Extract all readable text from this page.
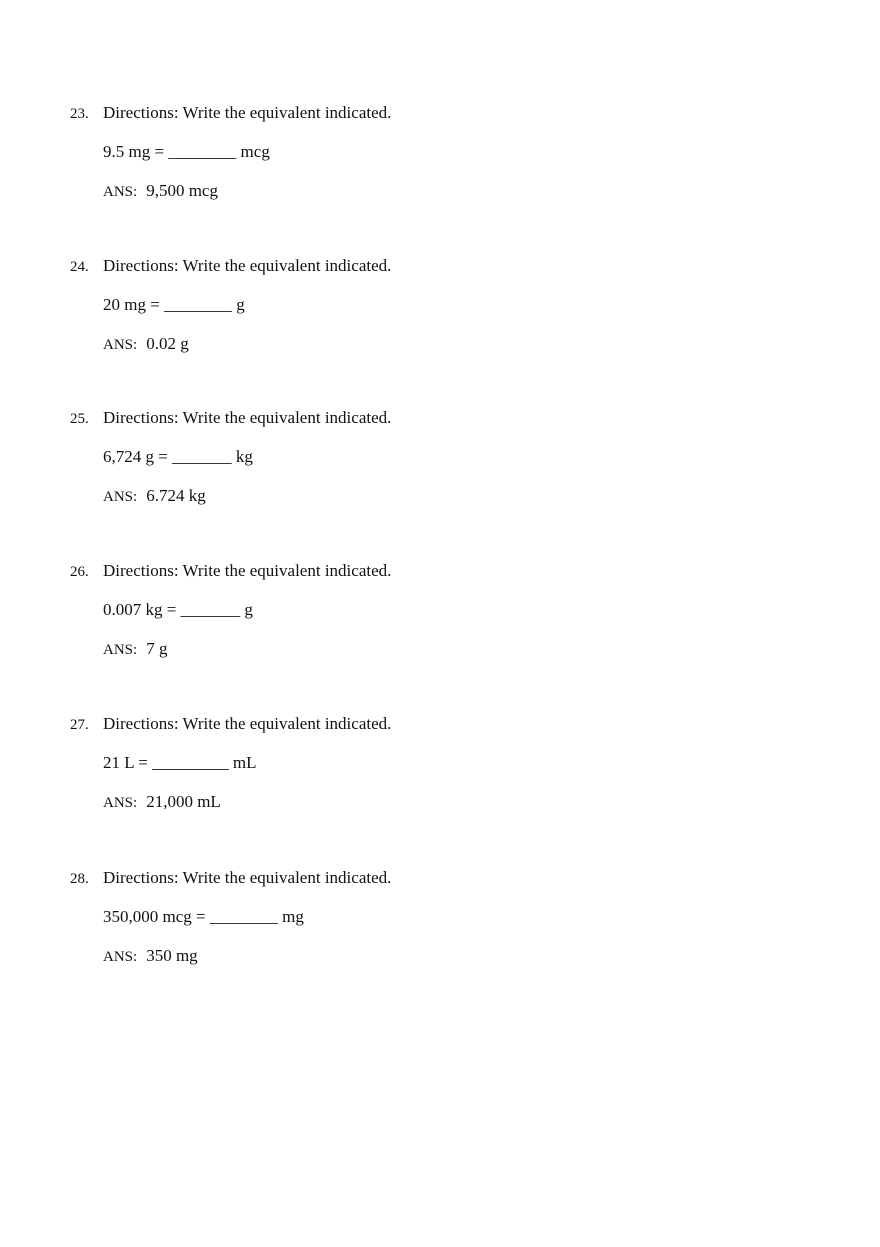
23. Directions: Write the equivalent indicated.
9.5 mg = ________ mcg
ANS: 9,500 mcg
24. Directions: Write the equivalent indicated.
20 mg = ________ g
ANS: 0.02 g
25. Directions: Write the equivalent indicated.
6,724 g = _______ kg
ANS: 6.724 kg
26. Directions: Write the equivalent indicated.
0.007 kg = _______ g
ANS: 7 g
27. Directions: Write the equivalent indicated.
21 L = _________ mL
ANS: 21,000 mL
28. Directions: Write the equivalent indicated.
350,000 mcg = ________ mg
ANS: 350 mg
